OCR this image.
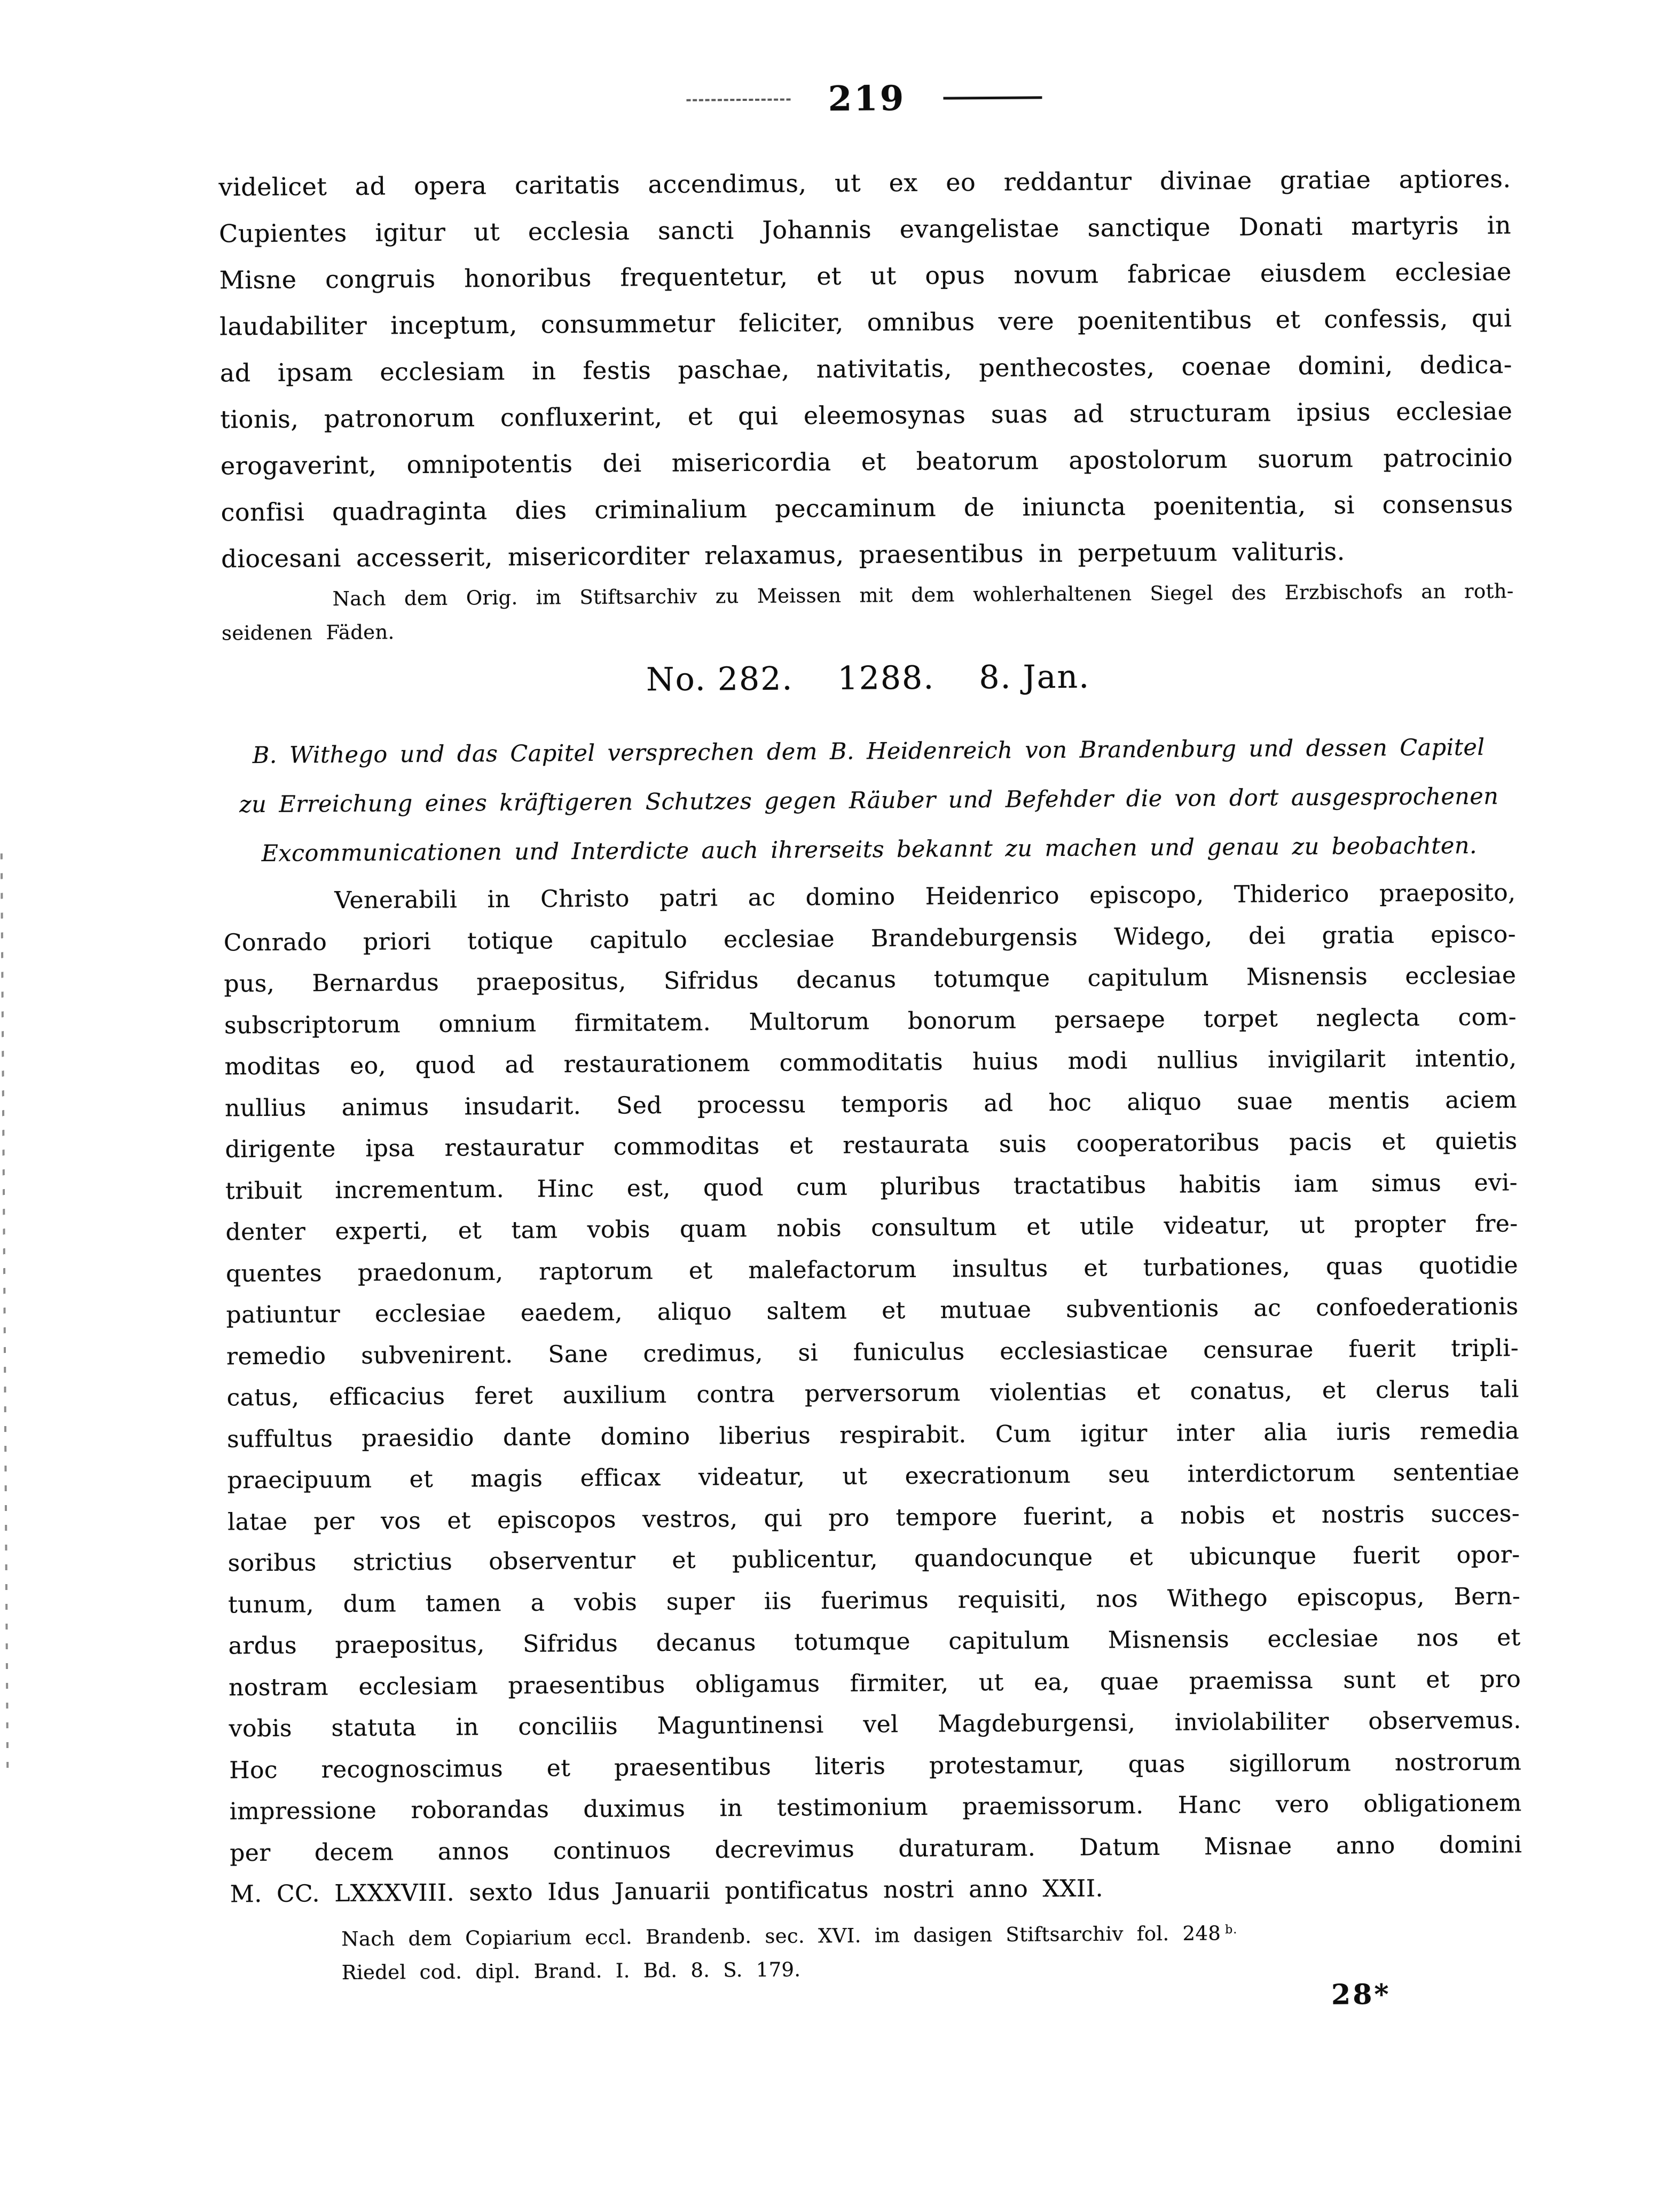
219
videlicet ad opera caritatis accendimus, ut ex eo reddantur divinae gratiae aptiores.
Cupientes igitur ut ecclesia sancti Johannis evangelistae sanctique Donati martyris in
Misne congruis honoribus frequentetur, et ut opus novum fabricae eiusdem ecclesiae
laudabiliter inceptum, consummetur feliciter, omnibus vere poenitentibus et confessis, qui
ad ipsam ecclesiam in festis paschae, nativitatis, penthecostes, coenae domini, dedica-
tionis, patronorum confluxerint, et qui eleemosynas suas ad structuram ipsius ecclesiae
erogaverint, omnipotentis dei misericordia et beatorum apostolorum suorum patrocinio
confisi quadraginta dies criminalium peccaminum de iniuncta poenitentia, si consensus
diocesani accesserit, misericorditer relaxamus, praesentibus in perpetuum valituris.
Nach dem Orig. im Stiftsarchiv zu Meissen mit dem wohlerhaltenen Siegel des Erzbischofs an roth-
seidenen Fäden.
No. 282.  1288.  8. Jan.
B. Withego und das Capitel versprechen dem B. Heidenreich von Brandenburg und dessen Capitel
zu Erreichung eines kräftigeren Schutzes gegen Räuber und Befehder die von dort ausgesprochenen
Excommunicationen und Interdicte auch ihrerseits bekannt zu machen und genau zu beobachten.
Venerabili in Christo patri ac domino Heidenrico episcopo, Thiderico praeposito,
Conrado priori totique capitulo ecclesiae Brandeburgensis Widego, dei gratia episco-
pus, Bernardus praepositus, Sifridus decanus totumque capitulum Misnensis ecclesiae
subscriptorum omnium firmitatem. Multorum bonorum persaepe torpet neglecta com-
moditas eo, quod ad restaurationem commoditatis huius modi nullius invigilarit intentio,
nullius animus insudarit. Sed processu temporis ad hoc aliquo suae mentis aciem
dirigente ipsa restauratur commoditas et restaurata suis cooperatoribus pacis et quietis
tribuit incrementum. Hinc est, quod cum pluribus tractatibus habitis iam simus evi-
denter experti, et tam vobis quam nobis consultum et utile videatur, ut propter fre-
quentes praedonum, raptorum et malefactorum insultus et turbationes, quas quotidie
patiuntur ecclesiae eaedem, aliquo saltem et mutuae subventionis ac confoederationis
remedio subvenirent. Sane credimus, si funiculus ecclesiasticae censurae fuerit tripli-
catus, efficacius feret auxilium contra perversorum violentias et conatus, et clerus tali
suffultus praesidio dante domino liberius respirabit. Cum igitur inter alia iuris remedia
praecipuum et magis efficax videatur, ut execrationum seu interdictorum sententiae
latae per vos et episcopos vestros, qui pro tempore fuerint, a nobis et nostris succes-
soribus strictius observentur et publicentur, quandocunque et ubicunque fuerit opor-
tunum, dum tamen a vobis super iis fuerimus requisiti, nos Withego episcopus, Bern-
ardus praepositus, Sifridus decanus totumque capitulum Misnensis ecclesiae nos et
nostram ecclesiam praesentibus obligamus firmiter, ut ea, quae praemissa sunt et pro
vobis statuta in conciliis Maguntinensi vel Magdeburgensi, inviolabiliter observemus.
Hoc recognoscimus et praesentibus literis protestamur, quas sigillorum nostrorum
impressione roborandas duximus in testimonium praemissorum. Hanc vero obligationem
per decem annos continuos decrevimus duraturam. Datum Misnae anno domini
M. CC. LXXXVIII. sexto Idus Januarii pontificatus nostri anno XXII.
Nach dem Copiarium eccl. Brandenb. sec. XVI. im dasigen Stiftsarchiv fol. 248 $^{b.}$
Riedel cod. dipl. Brand. I. Bd. 8. S. 179.
28*
